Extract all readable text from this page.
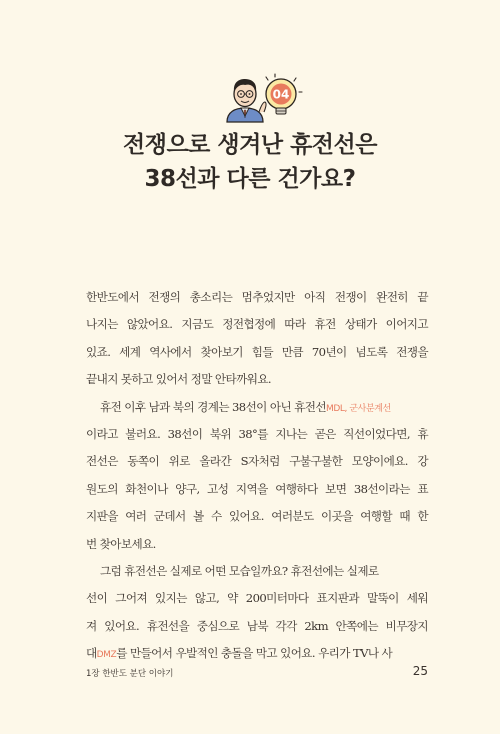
04
전쟁으로 생겨난 휴전선은
38선과 다른 건가요?
한반도에서 전쟁의 총소리는 멈추었지만 아직 전쟁이 완전히 끝
나지는 않았어요. 지금도 정전협정에 따라 휴전 상태가 이어지고
있죠. 세계 역사에서 찾아보기 힘들 만큼 70년이 넘도록 전쟁을
끝내지 못하고 있어서 정말 안타까워요.
휴전 이후 남과 북의 경계는 38선이 아닌 휴전선MDL, 군사분계선
이라고 불러요. 38선이 북위 38°를 지나는 곧은 직선이었다면, 휴
전선은 동쪽이 위로 올라간 S자처럼 구불구불한 모양이에요. 강
원도의 화천이나 양구, 고성 지역을 여행하다 보면 38선이라는 표
지판을 여러 군데서 볼 수 있어요. 여러분도 이곳을 여행할 때 한
번 찾아보세요.
그럼 휴전선은 실제로 어떤 모습일까요? 휴전선에는 실제로
선이 그어져 있지는 않고, 약 200미터마다 표지판과 말뚝이 세워
져 있어요. 휴전선을 중심으로 남북 각각 2km 안쪽에는 비무장지
대DMZ를 만들어서 우발적인 충돌을 막고 있어요. 우리가 TV나 사
1장 한반도 분단 이야기	25
